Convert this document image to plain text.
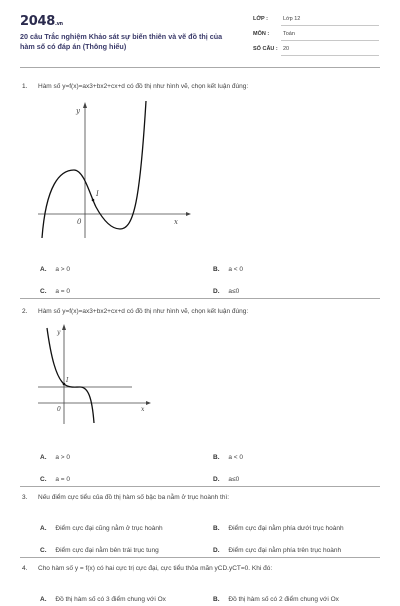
2048.vn
20 câu Trắc nghiệm Khảo sát sự biến thiên và vẽ đồ thị của hàm số có đáp án (Thông hiểu)
LỚP :	Lớp 12
MÔN :	Toán
SỐ CÂU : 20
1. Hàm số y=f(x)=ax3+bx2+cx+d có đồ thị như hình vẽ, chọn kết luận đúng:
I
y
x
0
A. a > 0	B. a < 0
C. a = 0	D. a≤0
2. Hàm số y=f(x)=ax3+bx2+cx+d có đồ thị như hình vẽ, chọn kết luận đúng:
I
y
x
0
A. a > 0	B. a < 0
C. a = 0	D. a≤0
3. Nếu điểm cực tiểu của đồ thị hàm số bậc ba nằm ở trục hoành thì:
A. Điểm cực đại cũng nằm ở trục hoành	B. Điểm cực đại nằm phía dưới trục hoành
C. Điểm cực đại nằm bên trái trục tung	D. Điểm cực đại nằm phía trên trục hoành
4. Cho hàm số y = f(x) có hai cực trị cực đại, cực tiểu thỏa mãn yCD.yCT=0. Khi đó:
A. Đồ thị hàm số có 3 điểm chung với Ox	B. Đồ thị hàm số có 2 điểm chung với Ox
